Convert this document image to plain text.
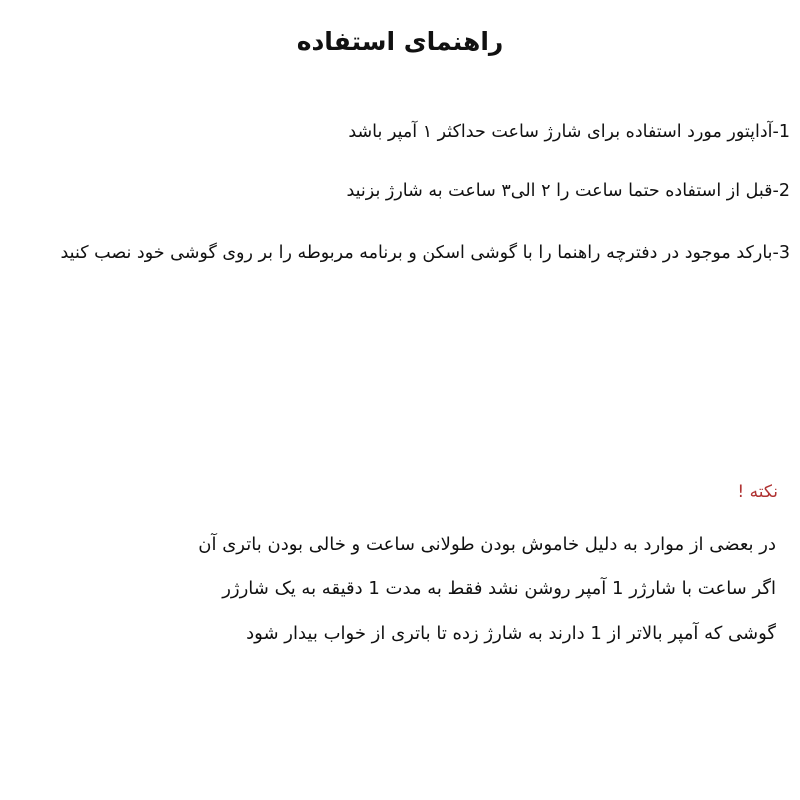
راهنمای استفاده

1-آداپتور مورد استفاده برای شارژ ساعت حداکثر ۱ آمپر باشد

2-قبل از استفاده حتما ساعت را ۲ الی۳ ساعت به شارژ بزنید

3-بارکد موجود در دفترچه راهنما را با گوشی اسکن و برنامه مربوطه را بر روی گوشی خود نصب کنید

نکته !

در بعضی از موارد به دلیل خاموش بودن طولانی ساعت و خالی بودن باتری آن

اگر ساعت با شارژر 1 آمپر روشن نشد فقط به مدت 1 دقیقه به یک شارژر

گوشی که آمپر بالاتر از 1 دارند به شارژ زده تا باتری از خواب بیدار شود
